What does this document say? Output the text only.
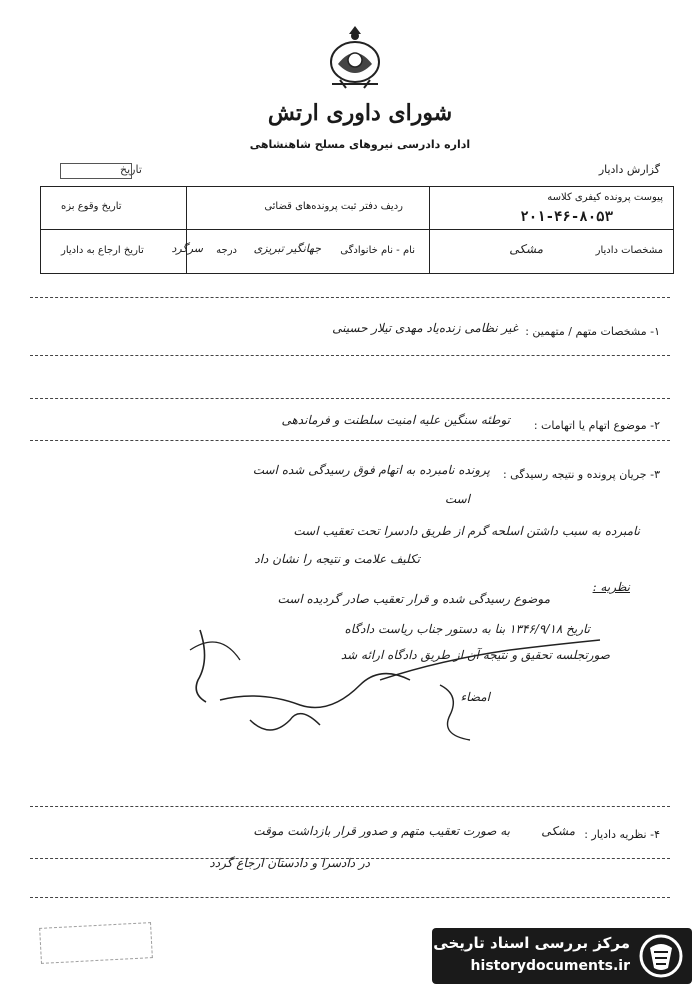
شورای داوری ارتش
اداره دادرسی نیروهای مسلح شاهنشاهی
گزارش دادیار
تاریخ
پیوست پرونده کیفری کلاسه
۲۰۱-۴۶-۸۰۵۳
ردیف دفتر ثبت پرونده‌های قضائی
تاریخ وقوع بزه
مشخصات دادیار
مشکی
نام - نام خانوادگی
جهانگیر تبریزی
درجه
سرگرد
تاریخ ارجاع به دادیار
۱- مشخصات متهم / متهمین :
غیر نظامی زنده‌یاد مهدی تیلار حسینی
۲- موضوع اتهام یا اتهامات :
توطئه سنگین علیه امنیت سلطنت و فرماندهی
۳- جریان پرونده و نتیجه رسیدگی :
پرونده نامبرده به اتهام فوق رسیدگی شده است
است
نامبرده به سبب داشتن اسلحه گرم از طریق دادسرا تحت تعقیب است
تکلیف علامت و نتیجه را نشان داد
نظریه :
موضوع رسیدگی شده و قرار تعقیب صادر گردیده است
تاریخ ۱۳۴۶/۹/۱۸ بنا به دستور جناب ریاست دادگاه
صورتجلسه تحقیق و نتیجه آن از طریق دادگاه ارائه شد
امضاء
۴- نظریه دادیار :
مشکی
به صورت تعقیب متهم و صدور قرار بازداشت موقت
در دادسرا و دادستان ارجاع گردد
مرکز بررسی اسناد تاریخی
historydocuments.ir
